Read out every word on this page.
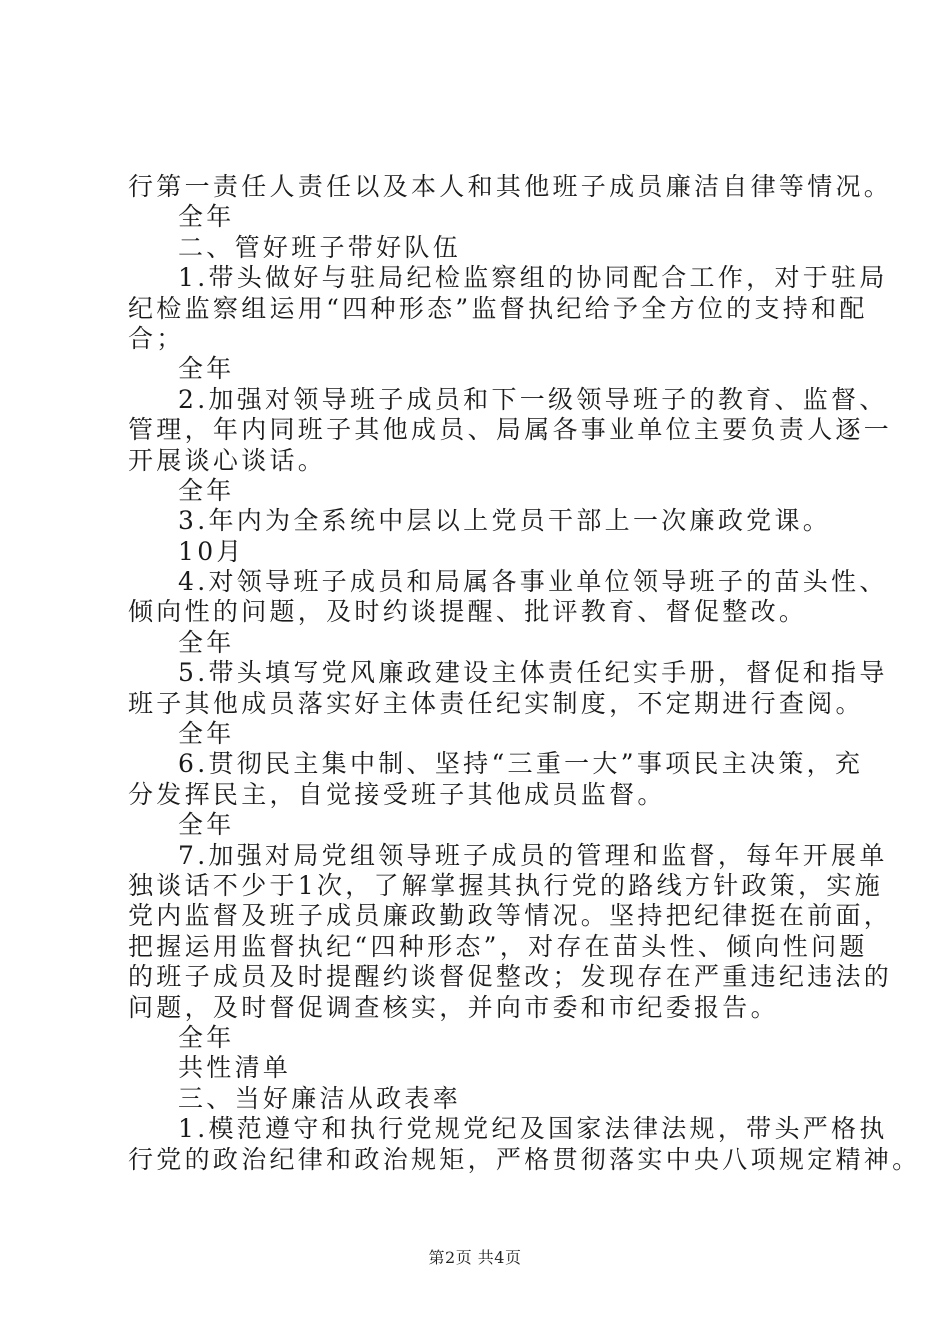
行第一责任人责任以及本人和其他班子成员廉洁自律等情况。
全年
二、管好班子带好队伍
1.带头做好与驻局纪检监察组的协同配合工作，对于驻局
纪检监察组运用“四种形态”监督执纪给予全方位的支持和配
合；
全年
2.加强对领导班子成员和下一级领导班子的教育、监督、
管理，年内同班子其他成员、局属各事业单位主要负责人逐一
开展谈心谈话。
全年
3.年内为全系统中层以上党员干部上一次廉政党课。
10月
4.对领导班子成员和局属各事业单位领导班子的苗头性、
倾向性的问题，及时约谈提醒、批评教育、督促整改。
全年
5.带头填写党风廉政建设主体责任纪实手册，督促和指导
班子其他成员落实好主体责任纪实制度，不定期进行查阅。
全年
6.贯彻民主集中制、坚持“三重一大”事项民主决策，充
分发挥民主，自觉接受班子其他成员监督。
全年
7.加强对局党组领导班子成员的管理和监督，每年开展单
独谈话不少于1次，了解掌握其执行党的路线方针政策，实施
党内监督及班子成员廉政勤政等情况。坚持把纪律挺在前面，
把握运用监督执纪“四种形态”，对存在苗头性、倾向性问题
的班子成员及时提醒约谈督促整改；发现存在严重违纪违法的
问题，及时督促调查核实，并向市委和市纪委报告。
全年
共性清单
三、当好廉洁从政表率
1.模范遵守和执行党规党纪及国家法律法规，带头严格执
行党的政治纪律和政治规矩，严格贯彻落实中央八项规定精神。
第2页 共4页
